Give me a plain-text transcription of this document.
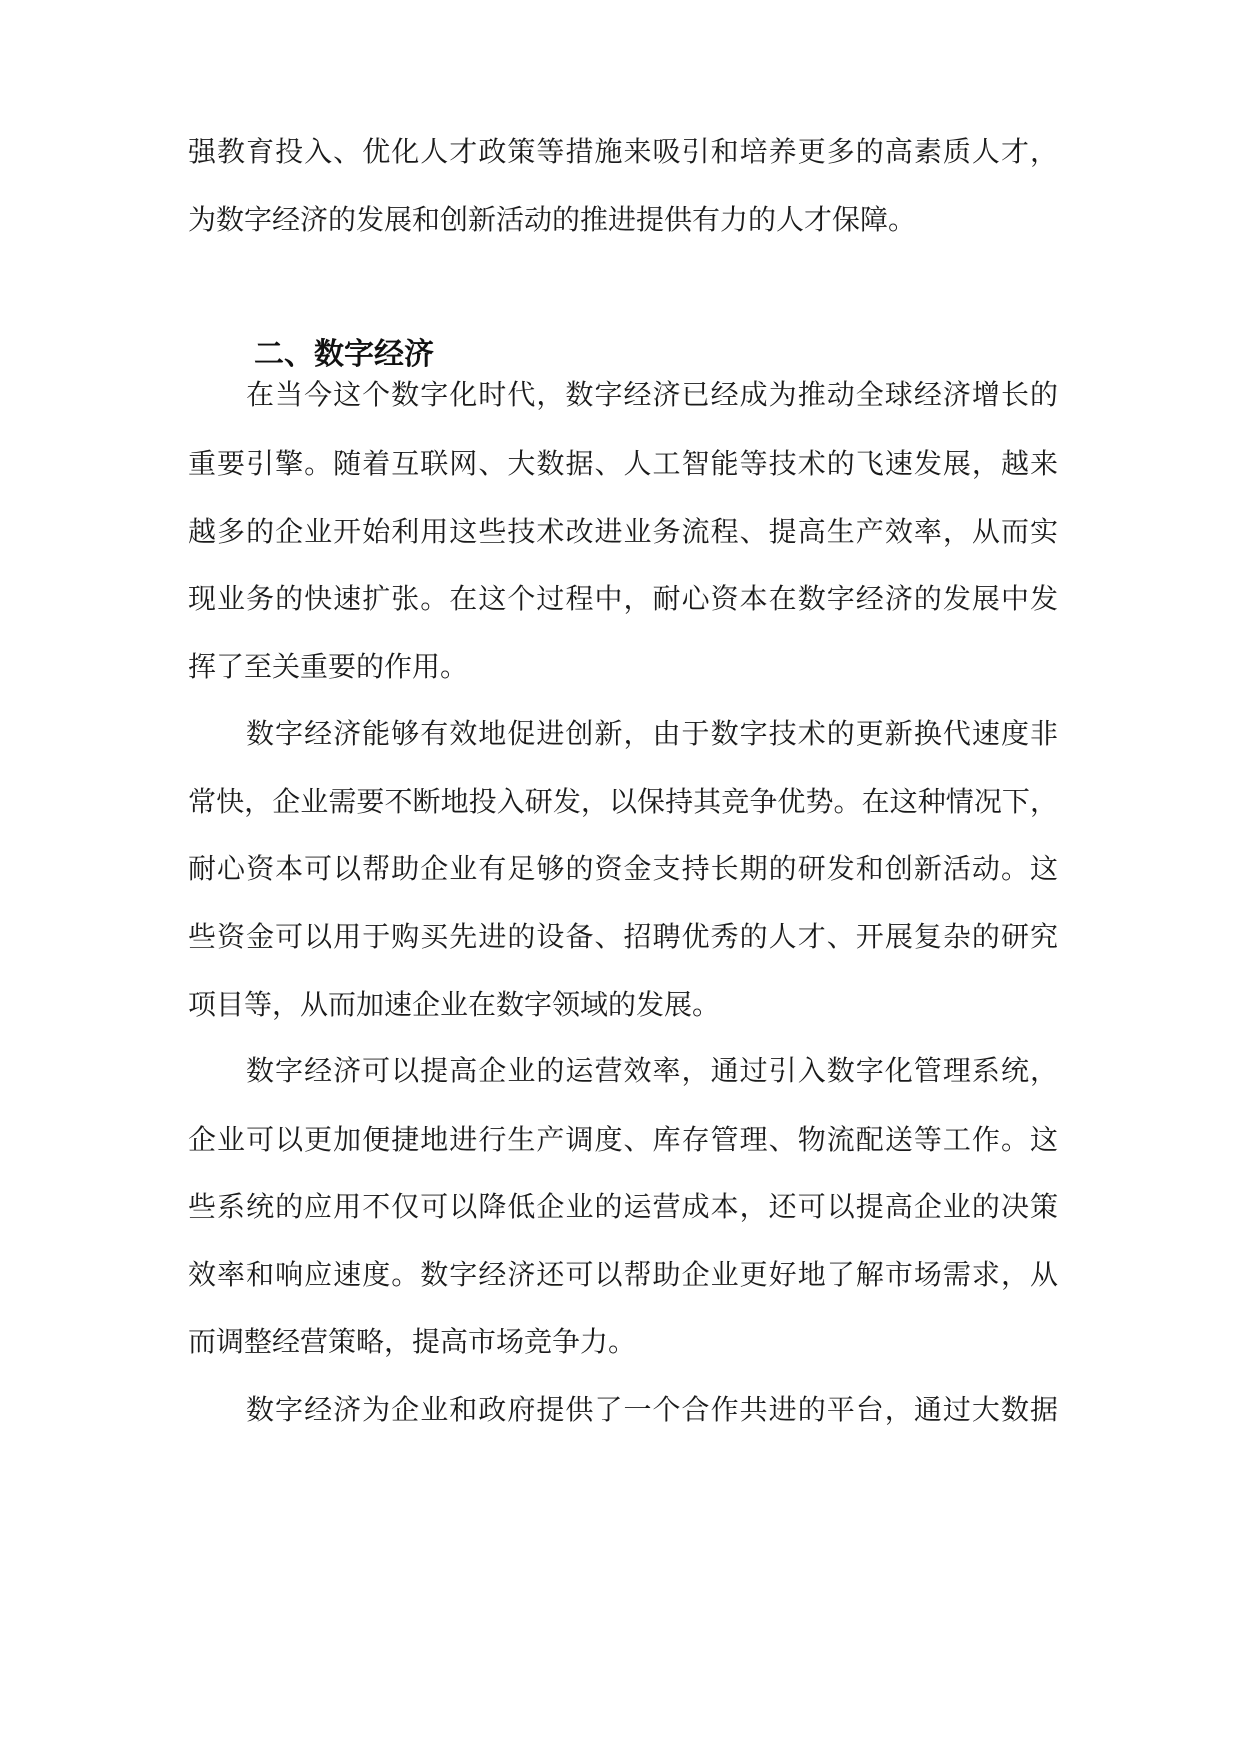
强教育投入、优化人才政策等措施来吸引和培养更多的高素质人才，
为数字经济的发展和创新活动的推进提供有力的人才保障。
二、数字经济
在当今这个数字化时代，数字经济已经成为推动全球经济增长的
重要引擎。随着互联网、大数据、人工智能等技术的飞速发展，越来
越多的企业开始利用这些技术改进业务流程、提高生产效率，从而实
现业务的快速扩张。在这个过程中，耐心资本在数字经济的发展中发
挥了至关重要的作用。
数字经济能够有效地促进创新，由于数字技术的更新换代速度非
常快，企业需要不断地投入研发，以保持其竞争优势。在这种情况下，
耐心资本可以帮助企业有足够的资金支持长期的研发和创新活动。这
些资金可以用于购买先进的设备、招聘优秀的人才、开展复杂的研究
项目等，从而加速企业在数字领域的发展。
数字经济可以提高企业的运营效率，通过引入数字化管理系统，
企业可以更加便捷地进行生产调度、库存管理、物流配送等工作。这
些系统的应用不仅可以降低企业的运营成本，还可以提高企业的决策
效率和响应速度。数字经济还可以帮助企业更好地了解市场需求，从
而调整经营策略，提高市场竞争力。
数字经济为企业和政府提供了一个合作共进的平台，通过大数据
